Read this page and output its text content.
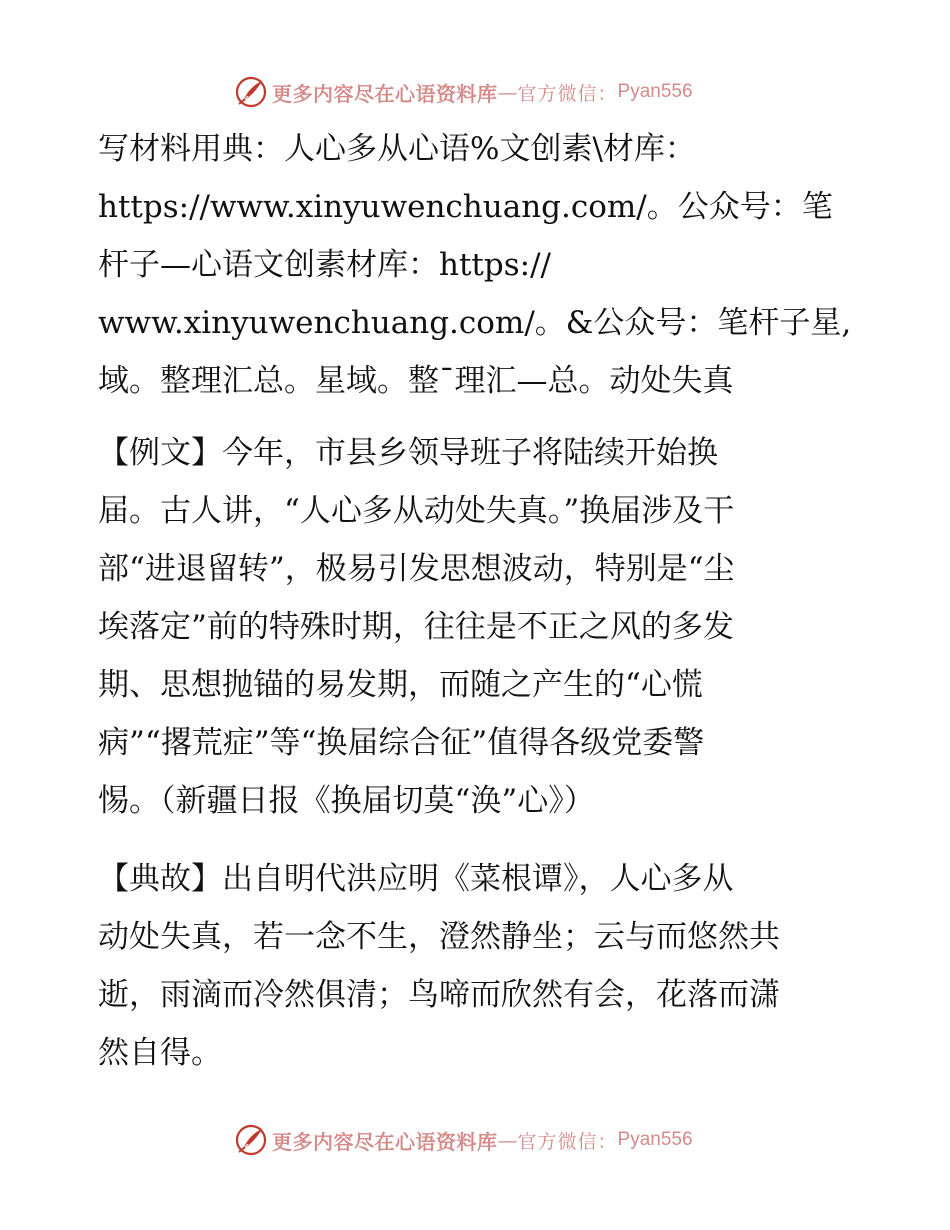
更多内容尽在心语资料库 — 官方微信： Pyan556
写材料用典：人心多从心语%文创素\材库：
https://www.xinyuwenchuang.com/。公众号：笔
杆子—心语文创素材库：https://
www.xinyuwenchuang.com/。&公众号：笔杆子星,
域。整理汇总。星域。整¯理汇—总。动处失真
【例文】今年，市县乡领导班子将陆续开始换
届。古人讲，“人心多从动处失真。”换届涉及干
部“进退留转”，极易引发思想波动，特别是“尘
埃落定”前的特殊时期，往往是不正之风的多发
期、思想抛锚的易发期，而随之产生的“心慌
病”“撂荒症”等“换届综合征”值得各级党委警
惕。（新疆日报《换届切莫“涣”心》）
【典故】出自明代洪应明《菜根谭》，人心多从
动处失真，若一念不生，澄然静坐；云与而悠然共
逝，雨滴而冷然俱清；鸟啼而欣然有会，花落而潇
然自得。
更多内容尽在心语资料库 — 官方微信： Pyan556
